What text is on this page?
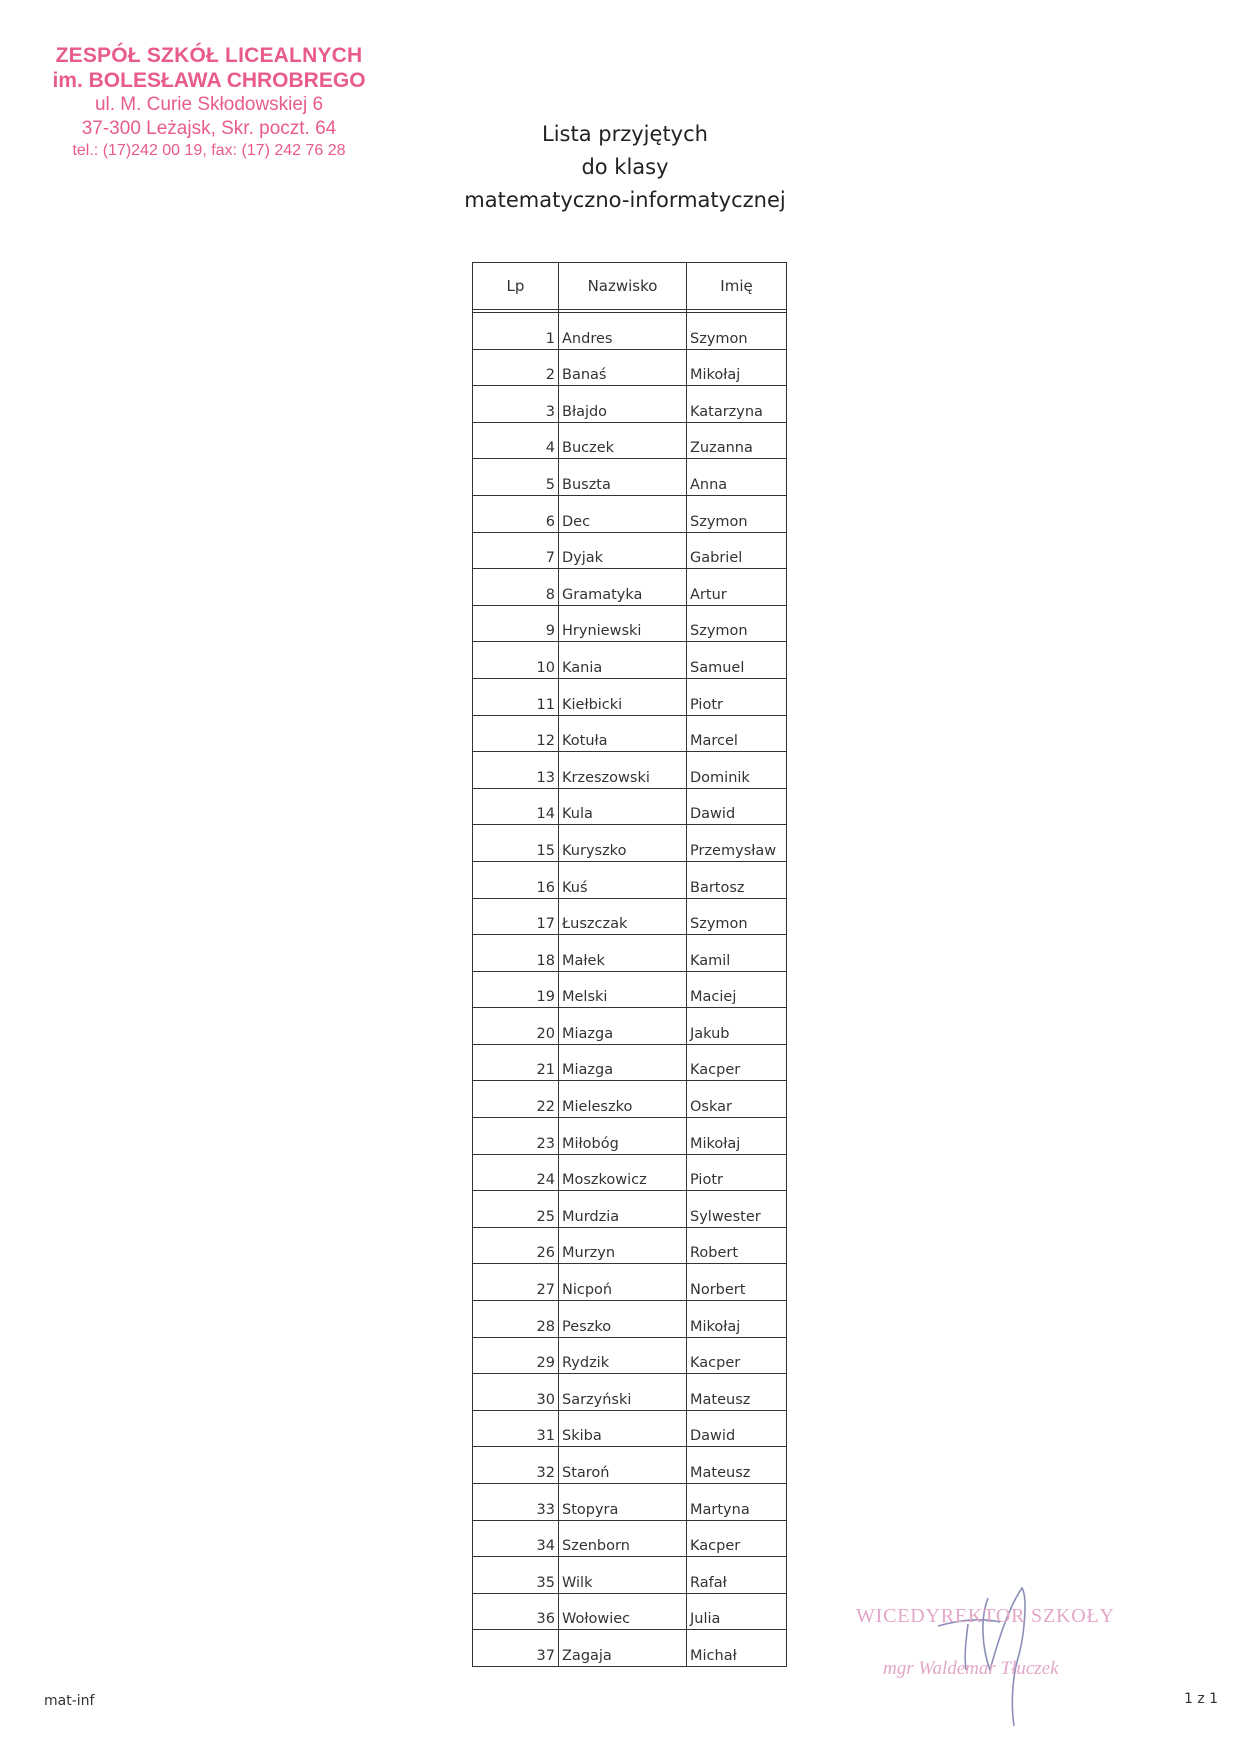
ZESPÓŁ SZKÓŁ LICEALNYCH
im. BOLESŁAWA CHROBREGO
ul. M. Curie Skłodowskiej 6
37-300 Leżajsk, Skr. poczt. 64
tel.: (17)242 00 19, fax: (17) 242 76 28
Lista przyjętych
do klasy
matematyczno-informatycznej
Lp	Nazwisko	Imię

1	Andres	Szymon
2	Banaś	Mikołaj
3	Błajdo	Katarzyna
4	Buczek	Zuzanna
5	Buszta	Anna
6	Dec	Szymon
7	Dyjak	Gabriel
8	Gramatyka	Artur
9	Hryniewski	Szymon
10	Kania	Samuel
11	Kiełbicki	Piotr
12	Kotuła	Marcel
13	Krzeszowski	Dominik
14	Kula	Dawid
15	Kuryszko	Przemysław
16	Kuś	Bartosz
17	Łuszczak	Szymon
18	Małek	Kamil
19	Melski	Maciej
20	Miazga	Jakub
21	Miazga	Kacper
22	Mieleszko	Oskar
23	Miłobóg	Mikołaj
24	Moszkowicz	Piotr
25	Murdzia	Sylwester
26	Murzyn	Robert
27	Nicpoń	Norbert
28	Peszko	Mikołaj
29	Rydzik	Kacper
30	Sarzyński	Mateusz
31	Skiba	Dawid
32	Staroń	Mateusz
33	Stopyra	Martyna
34	Szenborn	Kacper
35	Wilk	Rafał
36	Wołowiec	Julia
37	Zagaja	Michał
WICEDYREKTOR SZKOŁY
mgr Waldemar Tłuczek
mat-inf	1 z 1
